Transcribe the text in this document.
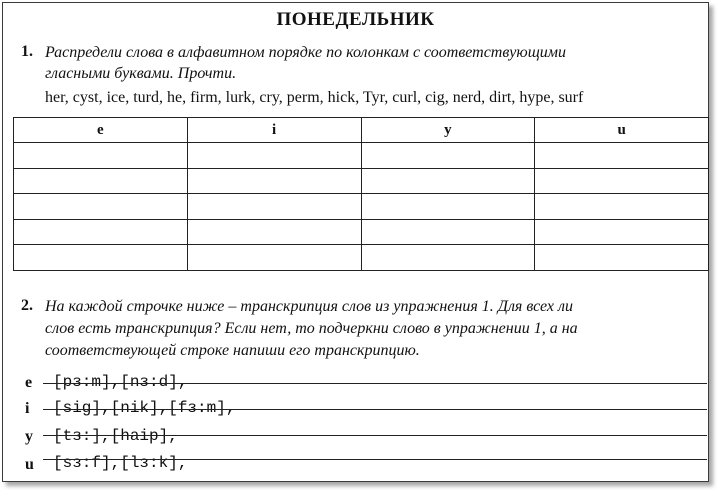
ПОНЕДЕЛЬНИК
1. Распредели слова в алфавитном порядке по колонкам с соответствующими
гласными буквами. Прочти.
her, cyst, ice, turd, he, firm, lurk, cry, perm, hick, Tyr, curl, cig, nerd, dirt, hype, surf
e	i	y	u

2. На каждой строчке ниже – транскрипция слов из упражнения 1. Для всех ли
слов есть транскрипция? Если нет, то подчеркни слово в упражнении 1, а на
соответствующей строке напиши его транскрипцию.
e [pɜ:m],[nɜ:d],
i [sig],[nik],[fɜ:m],
y [tɜ:],[haip],
u [sɜ:f],[lɜ:k],
